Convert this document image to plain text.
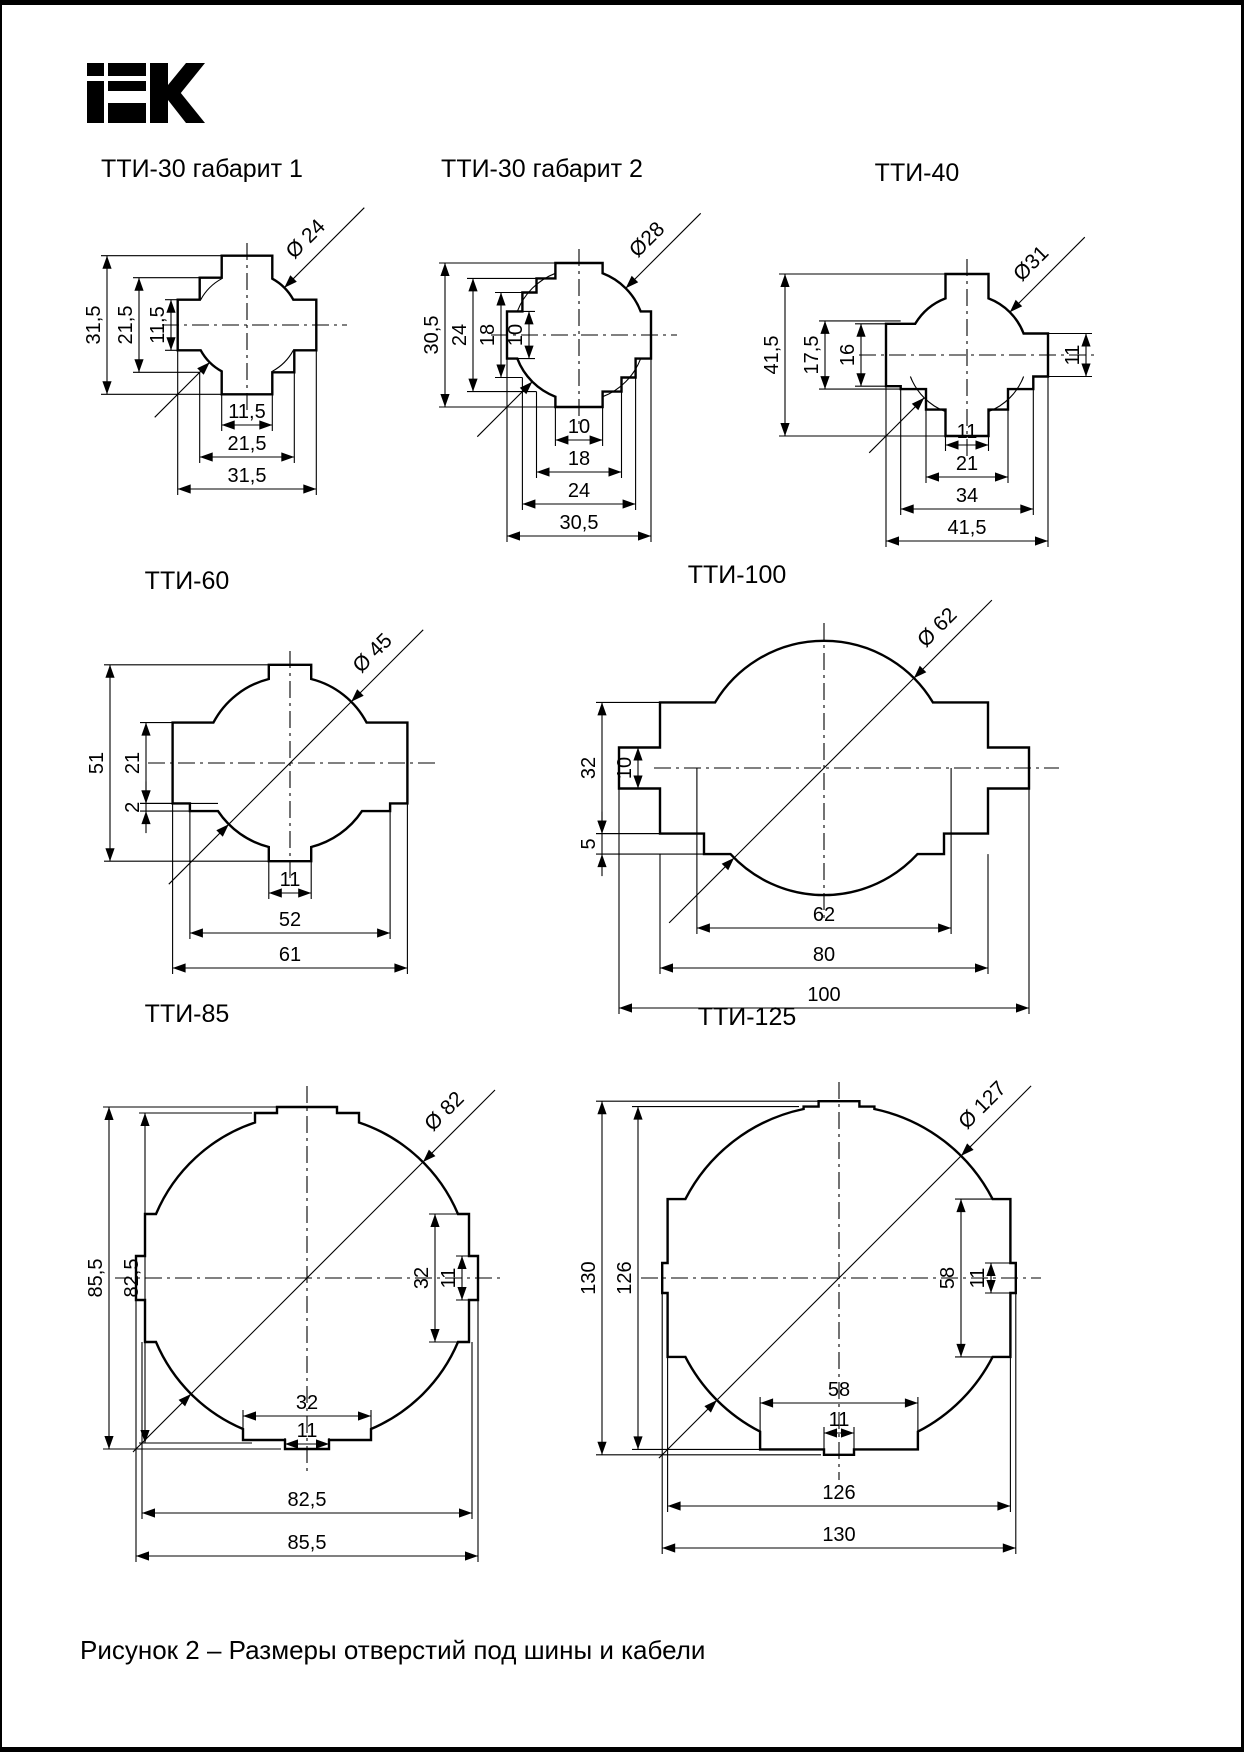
ТТИ-30 габарит 1	ТТИ-30 габарит 2	ТТИ-40
ТТИ-60	ТТИ-100
ТТИ-85	ТТИ-125
31,5 21,5 11,5
11,5
21,5
31,5
Ø 24
30,5 24 18 10
10
18
24
30,5
Ø28
41,5 17,5 16	11
11
21
34
41,5
Ø31
51 21
2
11
52
61
Ø 45
32 10
5
62
80
100
Ø 62
85,5 82,5	32 11
32
11
82,5
85,5
Ø 82
130 126	58 11
58
11
126
130
Ø 127
Рисунок 2 – Размеры отверстий под шины и кабели
